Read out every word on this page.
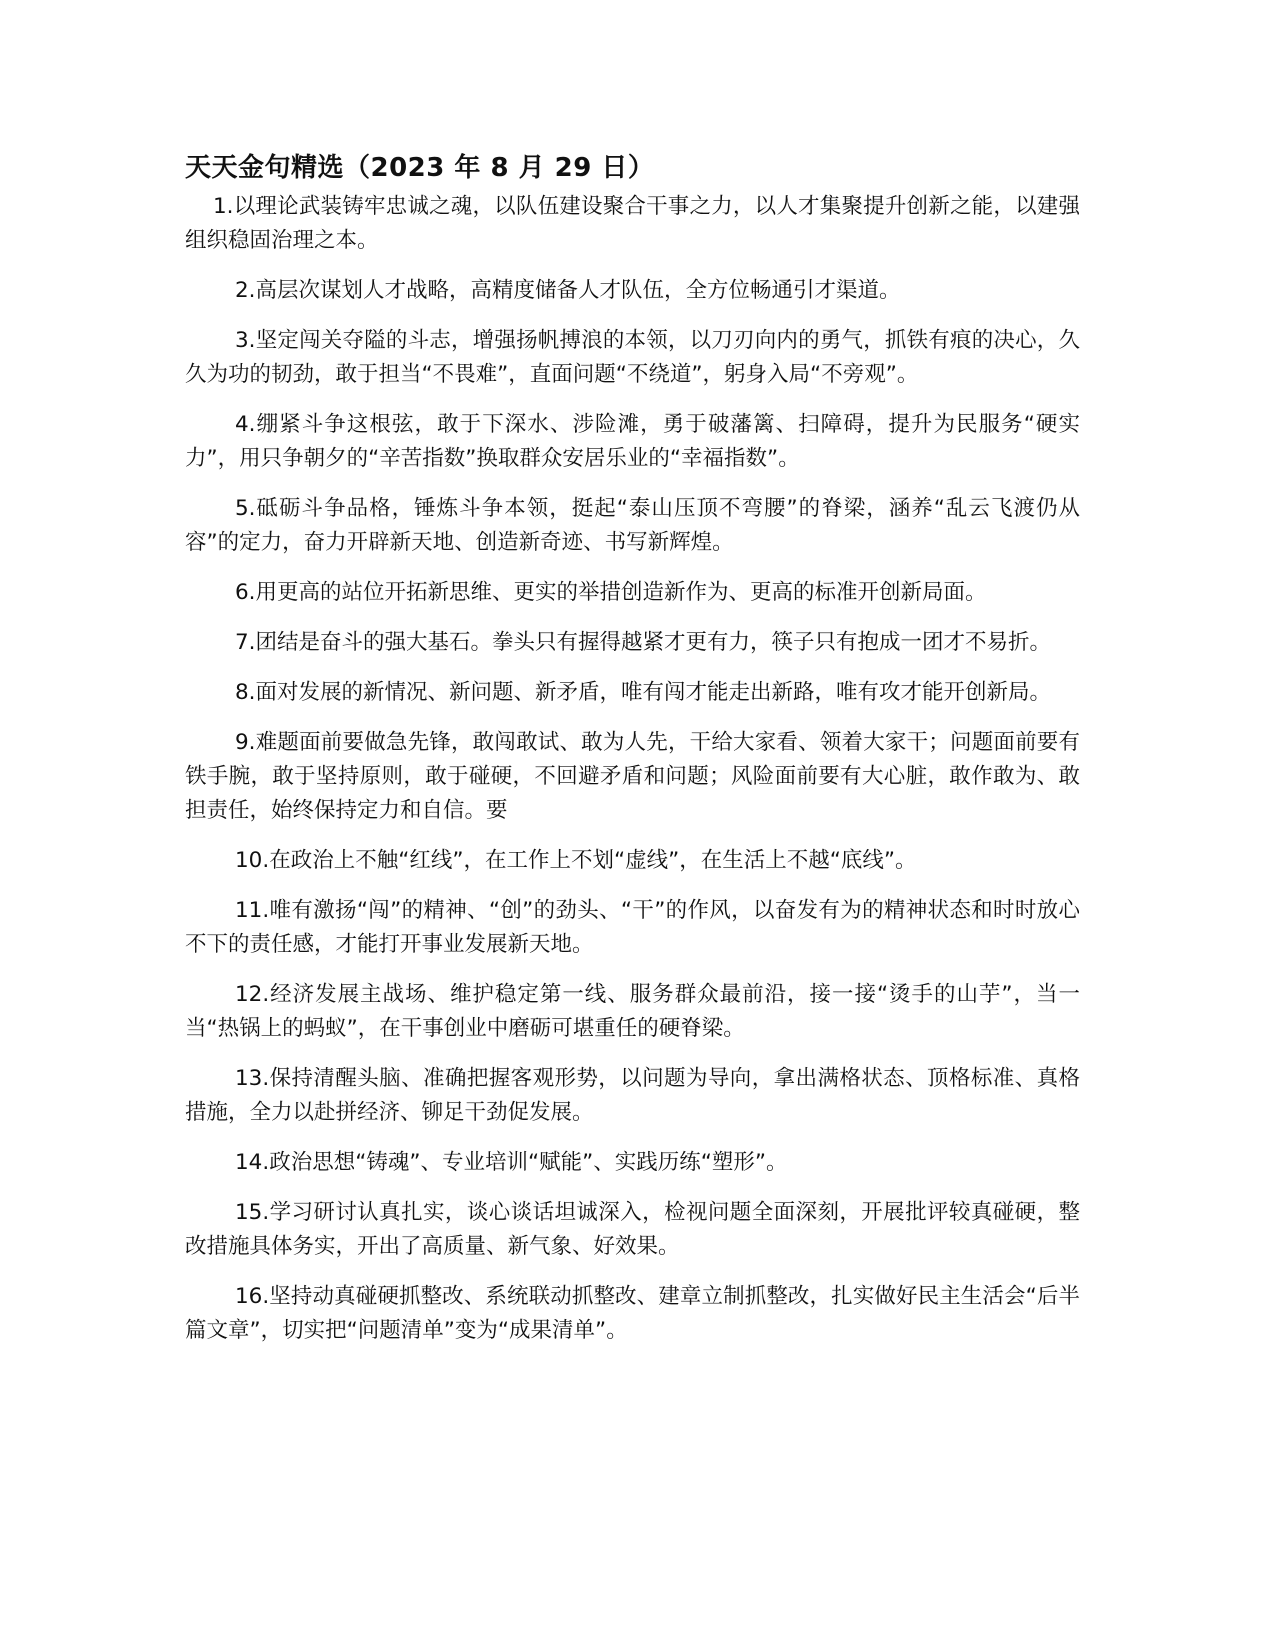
天天金句精选（2023 年 8 月 29 日）

1.以理论武装铸牢忠诚之魂，以队伍建设聚合干事之力，以人才集聚提升创新之能，以建强组织稳固治理之本。

2.高层次谋划人才战略，高精度储备人才队伍，全方位畅通引才渠道。

3.坚定闯关夺隘的斗志，增强扬帆搏浪的本领，以刀刃向内的勇气，抓铁有痕的决心，久久为功的韧劲，敢于担当“不畏难”，直面问题“不绕道”，躬身入局“不旁观”。

4.绷紧斗争这根弦，敢于下深水、涉险滩，勇于破藩篱、扫障碍，提升为民服务“硬实力”，用只争朝夕的“辛苦指数”换取群众安居乐业的“幸福指数”。

5.砥砺斗争品格，锤炼斗争本领，挺起“泰山压顶不弯腰”的脊梁，涵养“乱云飞渡仍从容”的定力，奋力开辟新天地、创造新奇迹、书写新辉煌。

6.用更高的站位开拓新思维、更实的举措创造新作为、更高的标准开创新局面。

7.团结是奋斗的强大基石。拳头只有握得越紧才更有力，筷子只有抱成一团才不易折。

8.面对发展的新情况、新问题、新矛盾，唯有闯才能走出新路，唯有攻才能开创新局。

9.难题面前要做急先锋，敢闯敢试、敢为人先，干给大家看、领着大家干；问题面前要有铁手腕，敢于坚持原则，敢于碰硬，不回避矛盾和问题；风险面前要有大心脏，敢作敢为、敢担责任，始终保持定力和自信。要

10.在政治上不触“红线”，在工作上不划“虚线”，在生活上不越“底线”。

11.唯有激扬“闯”的精神、“创”的劲头、“干”的作风，以奋发有为的精神状态和时时放心不下的责任感，才能打开事业发展新天地。

12.经济发展主战场、维护稳定第一线、服务群众最前沿，接一接“烫手的山芋”，当一当“热锅上的蚂蚁”，在干事创业中磨砺可堪重任的硬脊梁。

13.保持清醒头脑、准确把握客观形势，以问题为导向，拿出满格状态、顶格标准、真格措施，全力以赴拼经济、铆足干劲促发展。

14.政治思想“铸魂”、专业培训“赋能”、实践历练“塑形”。

15.学习研讨认真扎实，谈心谈话坦诚深入，检视问题全面深刻，开展批评较真碰硬，整改措施具体务实，开出了高质量、新气象、好效果。

16.坚持动真碰硬抓整改、系统联动抓整改、建章立制抓整改，扎实做好民主生活会“后半篇文章”，切实把“问题清单”变为“成果清单”。
